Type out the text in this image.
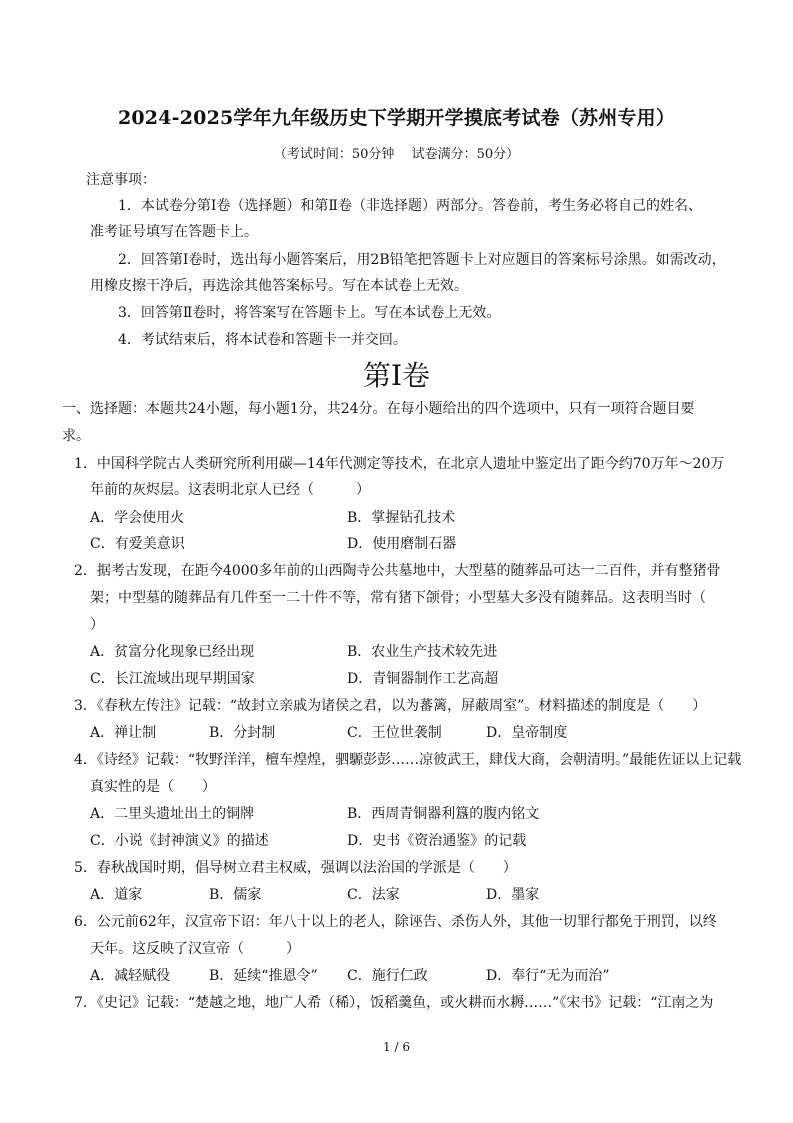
2024-2025学年九年级历史下学期开学摸底考试卷（苏州专用）
（考试时间：50分钟　 试卷满分：50分）
注意事项：
1．本试卷分第Ⅰ卷（选择题）和第Ⅱ卷（非选择题）两部分。答卷前，考生务必将自己的姓名、
准考证号填写在答题卡上。
2．回答第Ⅰ卷时，选出每小题答案后，用2B铅笔把答题卡上对应题目的答案标号涂黑。如需改动，
用橡皮擦干净后，再选涂其他答案标号。写在本试卷上无效。
3．回答第Ⅱ卷时，将答案写在答题卡上。写在本试卷上无效。
4．考试结束后，将本试卷和答题卡一并交回。
第Ⅰ卷
一、选择题：本题共24小题，每小题1分，共24分。在每小题给出的四个选项中，只有一项符合题目要
求。
1．中国科学院古人类研究所利用碳—14年代测定等技术，在北京人遗址中鉴定出了距今约70万年～20万
年前的灰烬层。这表明北京人已经（　　　）
A．学会使用火	B．掌握钻孔技术
C．有爱美意识	D．使用磨制石器
2．据考古发现，在距今4000多年前的山西陶寺公共墓地中，大型墓的随葬品可达一二百件，并有整猪骨
架；中型墓的随葬品有几件至一二十件不等，常有猪下颌骨；小型墓大多没有随葬品。这表明当时（
）
A．贫富分化现象已经出现	B．农业生产技术较先进
C．长江流域出现早期国家	D．青铜器制作工艺高超
3．《春秋左传注》记载：“故封立亲戚为诸侯之君，以为蕃篱，屏蔽周室”。材料描述的制度是（　　）
A．禅让制	B．分封制	C．王位世袭制	D．皇帝制度
4．《诗经》记载：“牧野洋洋，檀车煌煌，驷騵彭彭……凉彼武王，肆伐大商，会朝清明。”最能佐证以上记载
真实性的是（　　）
A．二里头遗址出土的铜牌	B．西周青铜器利簋的腹内铭文
C．小说《封神演义》的描述	D．史书《资治通鉴》的记载
5．春秋战国时期，倡导树立君主权威，强调以法治国的学派是（　　）
A．道家	B．儒家	C．法家	D．墨家
6．公元前62年，汉宣帝下诏：年八十以上的老人，除诬告、杀伤人外，其他一切罪行都免于刑罚，以终
天年。这反映了汉宣帝（　　　）
A．减轻赋役	B．延续“推恩令” C．施行仁政	D．奉行“无为而治”
7．《史记》记载：“楚越之地，地广人希（稀），饭稻羹鱼，或火耕而水耨……”《宋书》记载：“江南之为
1 / 6
